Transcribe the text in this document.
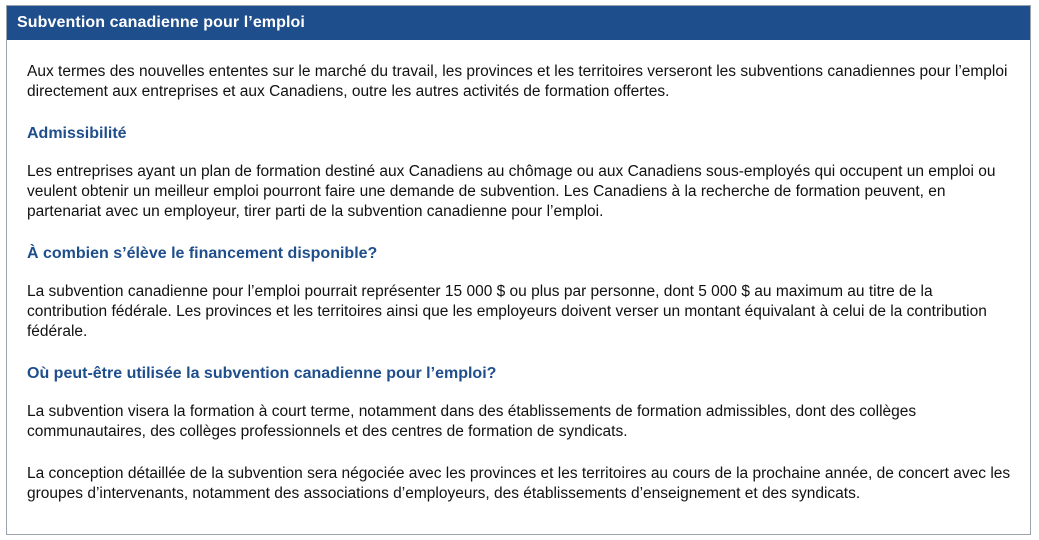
Subvention canadienne pour l’emploi

Aux termes des nouvelles ententes sur le marché du travail, les provinces et les territoires verseront les subventions canadiennes pour l’emploi directement aux entreprises et aux Canadiens, outre les autres activités de formation offertes.

Admissibilité

Les entreprises ayant un plan de formation destiné aux Canadiens au chômage ou aux Canadiens sous-employés qui occupent un emploi ou veulent obtenir un meilleur emploi pourront faire une demande de subvention. Les Canadiens à la recherche de formation peuvent, en partenariat avec un employeur, tirer parti de la subvention canadienne pour l’emploi.

À combien s’élève le financement disponible?

La subvention canadienne pour l’emploi pourrait représenter 15 000 $ ou plus par personne, dont 5 000 $ au maximum au titre de la contribution fédérale. Les provinces et les territoires ainsi que les employeurs doivent verser un montant équivalant à celui de la contribution fédérale.

Où peut-être utilisée la subvention canadienne pour l’emploi?

La subvention visera la formation à court terme, notamment dans des établissements de formation admissibles, dont des collèges communautaires, des collèges professionnels et des centres de formation de syndicats.

La conception détaillée de la subvention sera négociée avec les provinces et les territoires au cours de la prochaine année, de concert avec les groupes d’intervenants, notamment des associations d’employeurs, des établissements d’enseignement et des syndicats.
